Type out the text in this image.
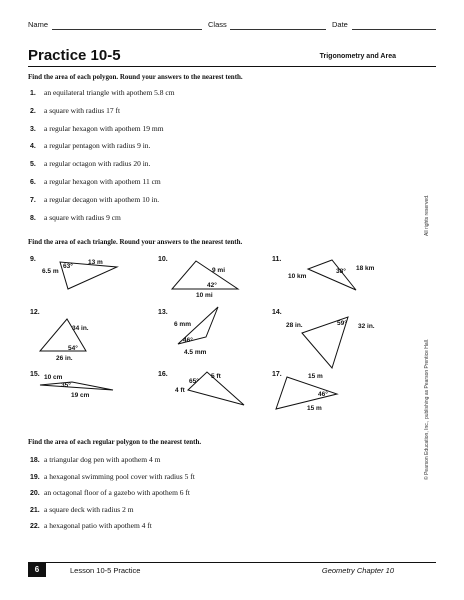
Name	Class	Date
Practice 10-5	Trigonometry and Area
Find the area of each polygon. Round your answers to the nearest tenth.
1. an equilateral triangle with apothem 5.8 cm
2. a square with radius 17 ft
3. a regular hexagon with apothem 19 mm
4. a regular pentagon with radius 9 in.
5. a regular octagon with radius 20 in.
6. a regular hexagon with apothem 11 cm
7. a regular decagon with apothem 10 in.
8. a square with radius 9 cm
Find the area of each triangle. Round your answers to the nearest tenth.
9.
6.5 m
63°
13 m	10.
9 mi
42°
10 mi
11.
10 km
38° 18 km
12.
34 in.
54°
26 in.
13.
6 mm
46°
4.5 mm
14.
28 in.	59° 32 in.
15. 10 cm
35°
19 cm
16.
4 ft
65°
5 ft	17.	15 m
46°
15 m
Find the area of each regular polygon to the nearest tenth.
18. a triangular dog pen with apothem 4 m
19. a hexagonal swimming pool cover with radius 5 ft
20. an octagonal floor of a gazebo with apothem 6 ft
21. a square deck with radius 2 m
22. a hexagonal patio with apothem 4 ft
All rights reserved.
© Pearson Education, Inc., publishing as Pearson Prentice Hall.
6	Lesson 10-5 Practice	Geometry Chapter 10
